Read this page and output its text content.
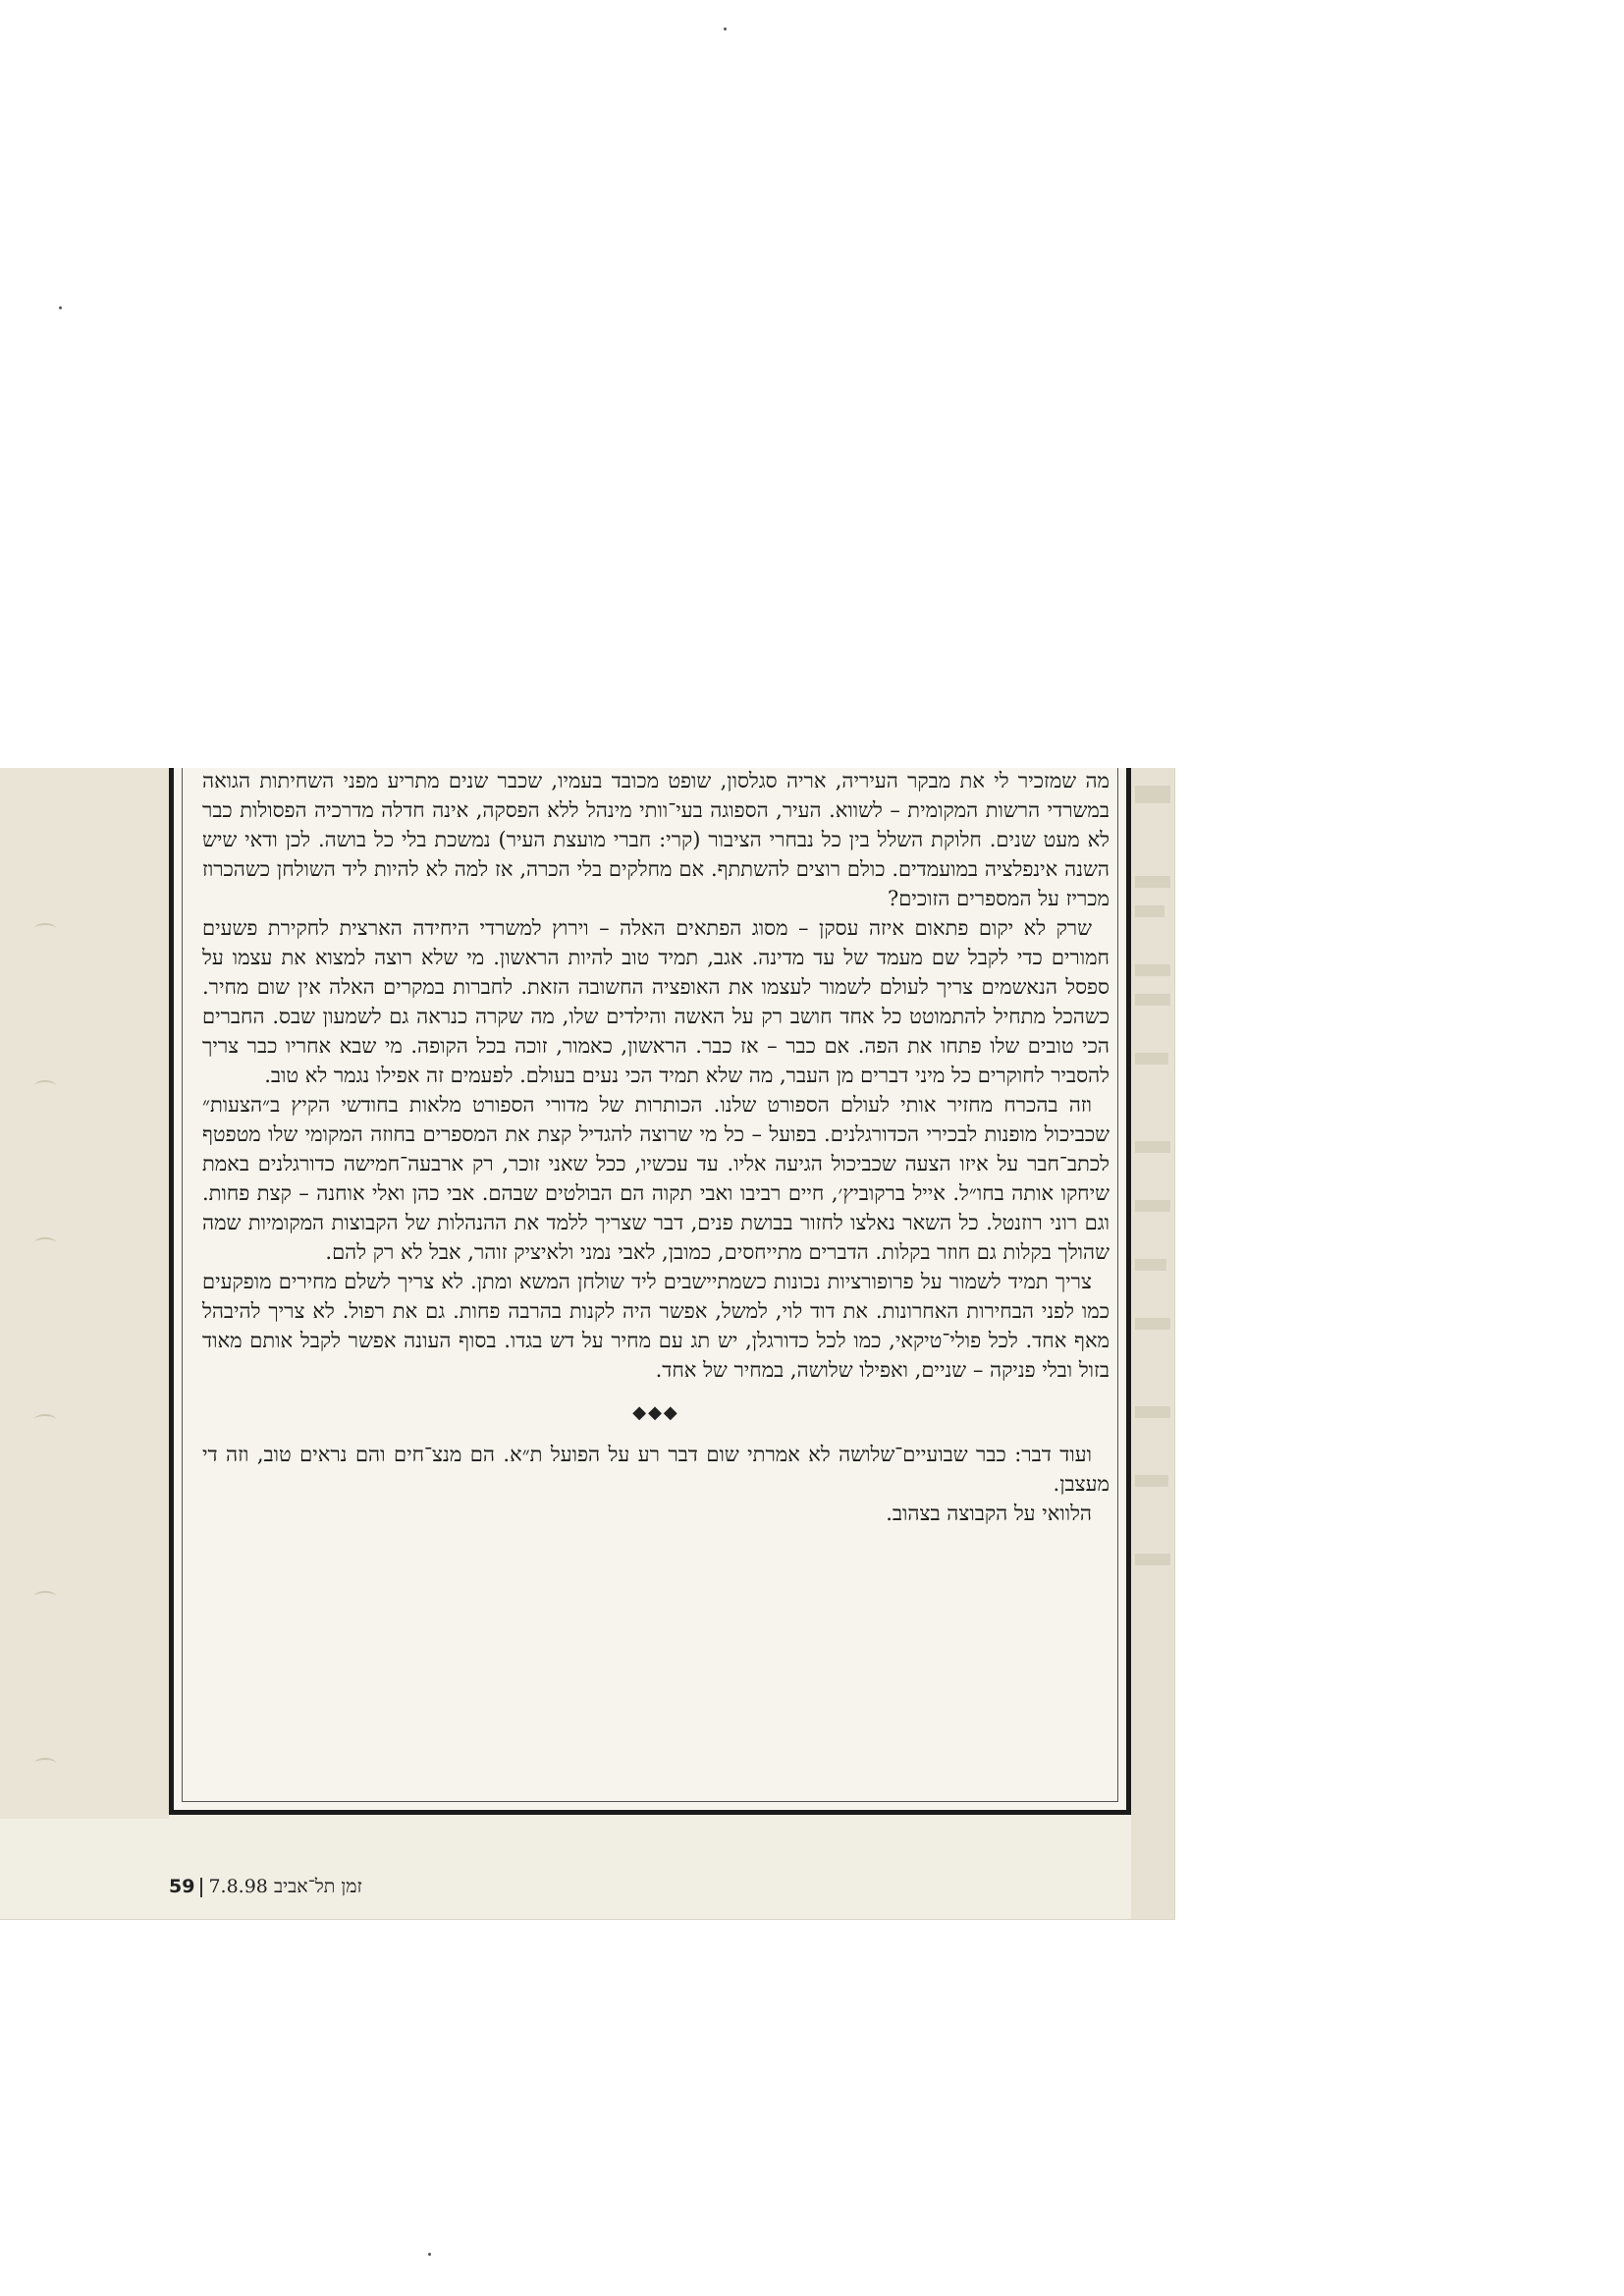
מה שמזכיר לי את מבקר העיריה, אריה סגלסון, שופט מכובד בעמיו, שכבר שנים מתריע מפני השחיתות הגואה במשרדי הרשות המקומית – לשווא. העיר, הספוגה בעי־וותי מינהל ללא הפסקה, אינה חדלה מדרכיה הפסולות כבר לא מעט שנים. חלוקת השלל בין כל נבחרי הציבור (קרי: חברי מועצת העיר) נמשכת בלי כל בושה. לכן ודאי שיש השנה אינפלציה במועמדים. כולם רוצים להשתתף. אם מחלקים בלי הכרה, אז למה לא להיות ליד השולחן כשהכרוז מכריז על המספרים הזוכים?

שרק לא יקום פתאום איזה עסקן – מסוג הפתאים האלה – וירוץ למשרדי היחידה הארצית לחקירת פשעים חמורים כדי לקבל שם מעמד של עד מדינה. אגב, תמיד טוב להיות הראשון. מי שלא רוצה למצוא את עצמו על ספסל הנאשמים צריך לעולם לשמור לעצמו את האופציה החשובה הזאת. לחברות במקרים האלה אין שום מחיר. כשהכל מתחיל להתמוטט כל אחד חושב רק על האשה והילדים שלו, מה שקרה כנראה גם לשמעון שבס. החברים הכי טובים שלו פתחו את הפה. אם כבר – אז כבר. הראשון, כאמור, זוכה בכל הקופה. מי שבא אחריו כבר צריך להסביר לחוקרים כל מיני דברים מן העבר, מה שלא תמיד הכי נעים בעולם. לפעמים זה אפילו נגמר לא טוב.

וזה בהכרח מחזיר אותי לעולם הספורט שלנו. הכותרות של מדורי הספורט מלאות בחודשי הקיץ ב״הצעות״ שכביכול מופנות לבכירי הכדורגלנים. בפועל – כל מי שרוצה להגדיל קצת את המספרים בחוזה המקומי שלו מטפטף לכתב־חבר על איזו הצעה שכביכול הגיעה אליו. עד עכשיו, ככל שאני זוכר, רק ארבעה־חמישה כדורגלנים באמת שיחקו אותה בחו״ל. אייל ברקוביץ׳, חיים רביבו ואבי תקוה הם הבולטים שבהם. אבי כהן ואלי אוחנה – קצת פחות. וגם רוני רוזנטל. כל השאר נאלצו לחזור בבושת פנים, דבר שצריך ללמד את ההנהלות של הקבוצות המקומיות שמה שהולך בקלות גם חוזר בקלות. הדברים מתייחסים, כמובן, לאבי נמני ולאיציק זוהר, אבל לא רק להם.

צריך תמיד לשמור על פרופורציות נכונות כשמתיישבים ליד שולחן המשא ומתן. לא צריך לשלם מחירים מופקעים כמו לפני הבחירות האחרונות. את דוד לוי, למשל, אפשר היה לקנות בהרבה פחות. גם את רפול. לא צריך להיבהל מאף אחד. לכל פולי־טיקאי, כמו לכל כדורגלן, יש תג עם מחיר על דש בגדו. בסוף העונה אפשר לקבל אותם מאוד בזול ובלי פניקה – שניים, ואפילו שלושה, במחיר של אחד.

◆◆◆

ועוד דבר: כבר שבועיים־שלושה לא אמרתי שום דבר רע על הפועל ת״א. הם מנצ־חים והם נראים טוב, וזה די מעצבן.

הלוואי על הקבוצה בצהוב.

59	זמן תל־אביב 7.8.98
